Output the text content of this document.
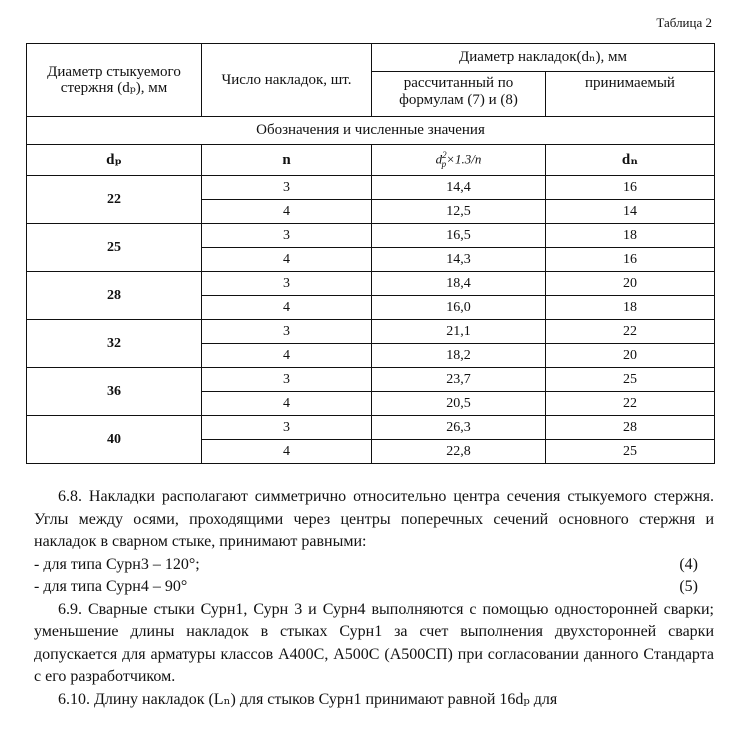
Таблица 2
Диаметр стыкуемого стержня (dₚ), мм	Число накладок, шт.	Диаметр накладок(dₙ), мм	
		рассчитанный по формулам (7) и (8)	принимаемый
Обозначения и численные значения			
dₚ	n	$d^2_p\times 1.3/n$	dₙ
22	3	14,4	16
	4	12,5	14
25	3	16,5	18
	4	14,3	16
28	3	18,4	20
	4	16,0	18
32	3	21,1	22
	4	18,2	20
36	3	23,7	25
	4	20,5	22
40	3	26,3	28
	4	22,8	25

6.8. Накладки располагают симметрично относительно центра сечения стыкуемого стержня. Углы между осями, проходящими через центры поперечных сечений основного стержня и накладок в сварном стыке, принимают равными:

- для типа Сурн3 – 120°;	(4)
- для типа Сурн4 – 90°	(5)

6.9. Сварные стыки Сурн1, Сурн 3 и Сурн4 выполняются с помощью односторонней сварки; уменьшение длины накладок в стыках Сурн1 за счет выполнения двухсторонней сварки допускается для арматуры классов А400С, А500С (А500СП) при согласовании данного Стандарта с его разработчиком.

6.10. Длину накладок (Lₙ) для стыков Сурн1 принимают равной 16dₚ для
